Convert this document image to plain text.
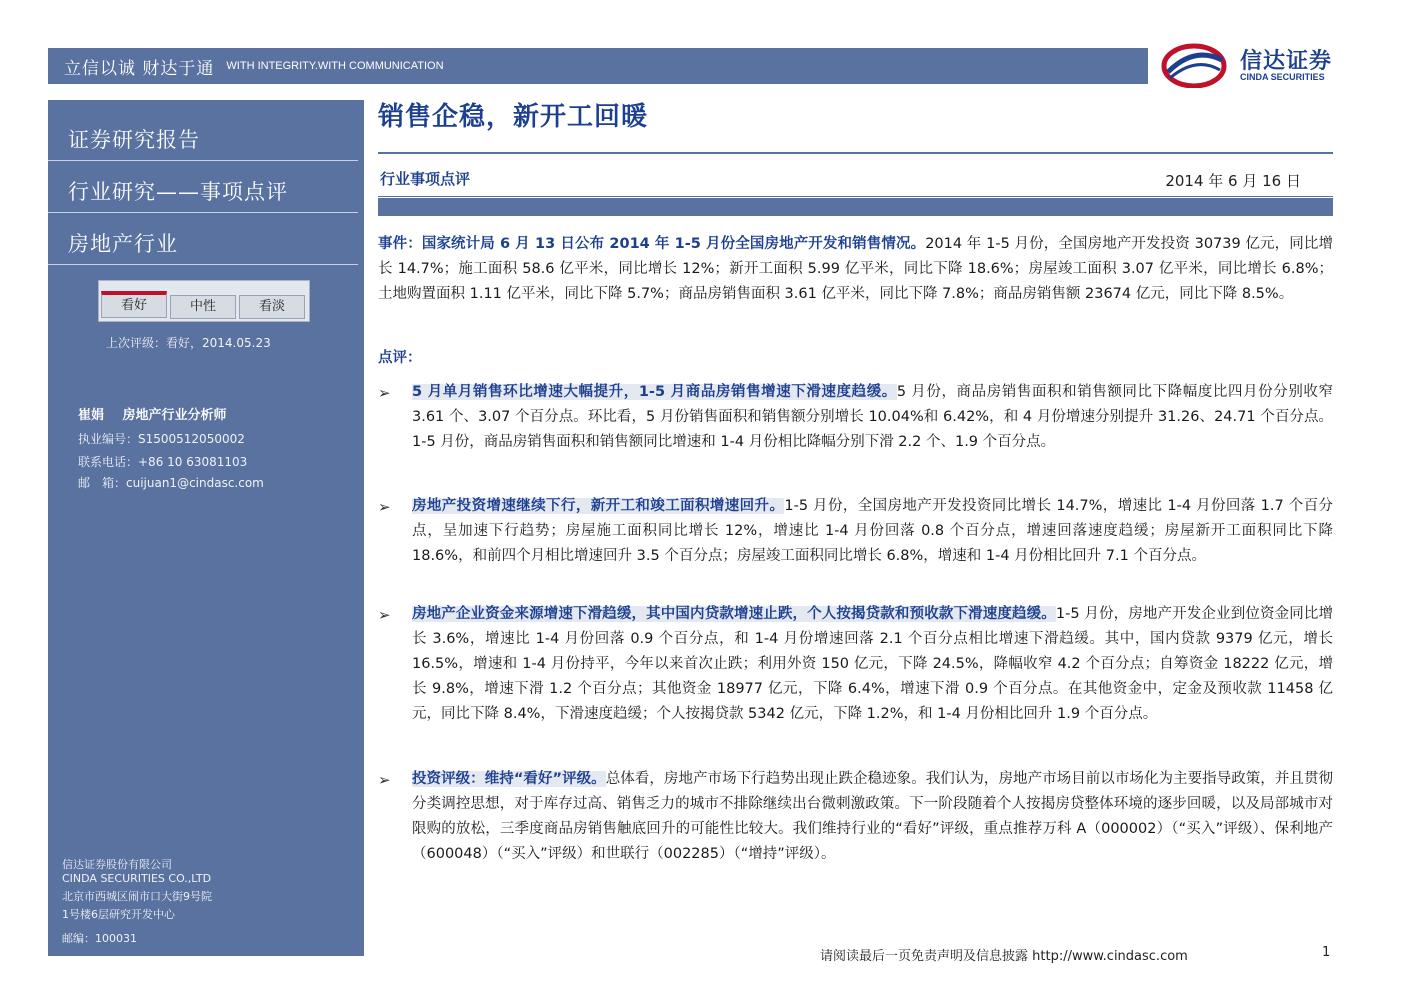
立信以诚 财达于通 WITH INTEGRITY.WITH COMMUNICATION	信达证券
CINDA SECURITIES
证券研究报告
行业研究——事项点评
房地产行业
看好	中性	看淡
上次评级：看好，2014.05.23
崔娟 房地产行业分析师
执业编号：S1500512050002
联系电话：+86 10 63081103
邮　箱：cuijuan1@cindasc.com
信达证券股份有限公司
CINDA SECURITIES CO.,LTD
北京市西城区闹市口大街9号院
1号楼6层研究开发中心
邮编：100031
销售企稳，新开工回暖
行业事项点评	2014 年 6 月 16 日
事件：国家统计局 6 月 13 日公布 2014 年 1-5 月份全国房地产开发和销售情况。2014 年 1-5 月份，全国房地产开发投资 30739 亿元，同比增长 14.7%；施工面积 58.6 亿平米，同比增长 12%；新开工面积 5.99 亿平米，同比下降 18.6%；房屋竣工面积 3.07 亿平米，同比增长 6.8%；土地购置面积 1.11 亿平米，同比下降 5.7%；商品房销售面积 3.61 亿平米，同比下降 7.8%；商品房销售额 23674 亿元，同比下降 8.5%。
点评：
➢ 5 月单月销售环比增速大幅提升，1-5 月商品房销售增速下滑速度趋缓。5 月份，商品房销售面积和销售额同比下降幅度比四月份分别收窄 3.61 个、3.07 个百分点。环比看，5 月份销售面积和销售额分别增长 10.04%和 6.42%，和 4 月份增速分别提升 31.26、24.71 个百分点。1-5 月份，商品房销售面积和销售额同比增速和 1-4 月份相比降幅分别下滑 2.2 个、1.9 个百分点。
➢ 房地产投资增速继续下行，新开工和竣工面积增速回升。1-5 月份，全国房地产开发投资同比增长 14.7%，增速比 1-4 月份回落 1.7 个百分点，呈加速下行趋势；房屋施工面积同比增长 12%，增速比 1-4 月份回落 0.8 个百分点，增速回落速度趋缓；房屋新开工面积同比下降 18.6%，和前四个月相比增速回升 3.5 个百分点；房屋竣工面积同比增长 6.8%，增速和 1-4 月份相比回升 7.1 个百分点。
➢ 房地产企业资金来源增速下滑趋缓，其中国内贷款增速止跌，个人按揭贷款和预收款下滑速度趋缓。1-5 月份，房地产开发企业到位资金同比增长 3.6%，增速比 1-4 月份回落 0.9 个百分点，和 1-4 月份增速回落 2.1 个百分点相比增速下滑趋缓。其中，国内贷款 9379 亿元，增长 16.5%，增速和 1-4 月份持平，今年以来首次止跌；利用外资 150 亿元，下降 24.5%，降幅收窄 4.2 个百分点；自筹资金 18222 亿元，增长 9.8%，增速下滑 1.2 个百分点；其他资金 18977 亿元，下降 6.4%，增速下滑 0.9 个百分点。在其他资金中，定金及预收款 11458 亿元，同比下降 8.4%，下滑速度趋缓；个人按揭贷款 5342 亿元，下降 1.2%，和 1-4 月份相比回升 1.9 个百分点。
➢ 投资评级：维持“看好”评级。总体看，房地产市场下行趋势出现止跌企稳迹象。我们认为，房地产市场目前以市场化为主要指导政策，并且贯彻分类调控思想，对于库存过高、销售乏力的城市不排除继续出台微刺激政策。下一阶段随着个人按揭房贷整体环境的逐步回暖，以及局部城市对限购的放松，三季度商品房销售触底回升的可能性比较大。我们维持行业的“看好”评级，重点推荐万科 A（000002）（“买入”评级）、保利地产（600048）（“买入”评级）和世联行（002285）（“增持”评级）。
请阅读最后一页免责声明及信息披露 http://www.cindasc.com	1
